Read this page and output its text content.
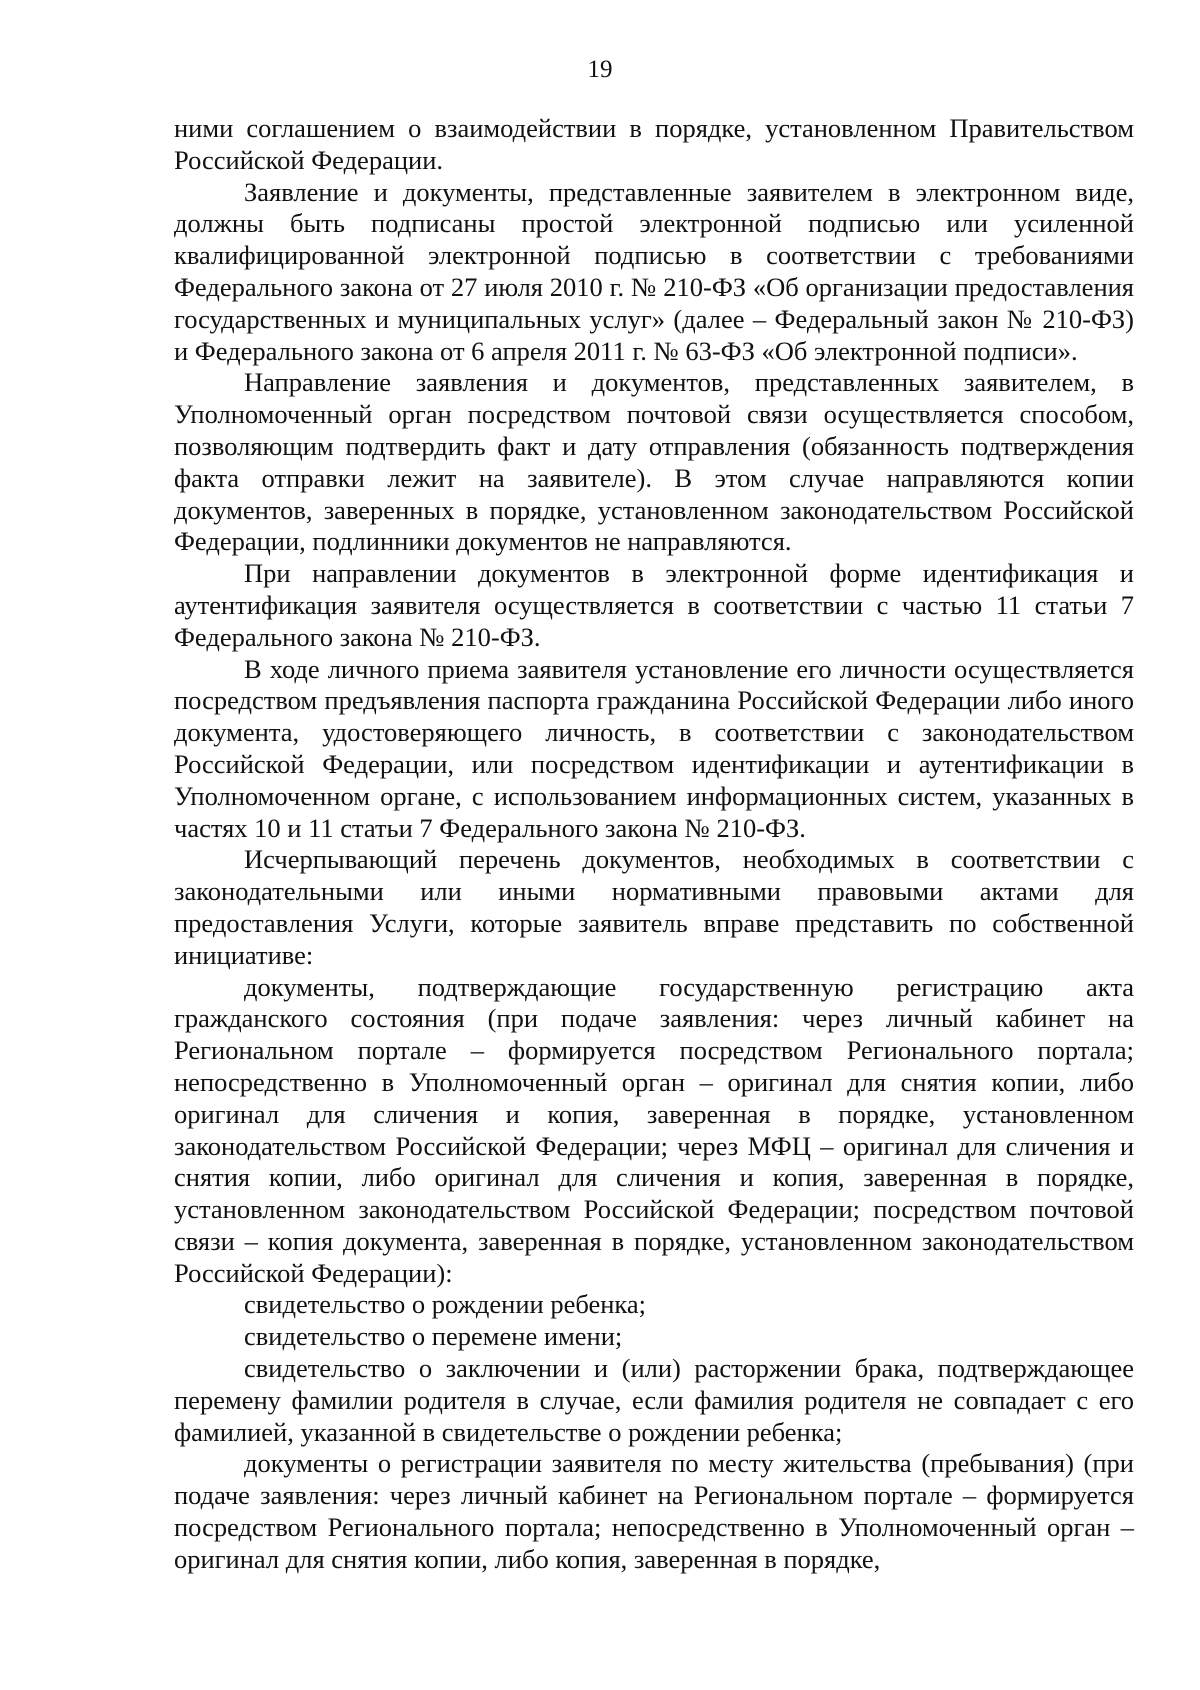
19

ними соглашением о взаимодействии в порядке, установленном Правительством Российской Федерации.

Заявление и документы, представленные заявителем в электронном виде, должны быть подписаны простой электронной подписью или усиленной квалифицированной электронной подписью в соответствии с требованиями Федерального закона от 27 июля 2010 г. № 210-ФЗ «Об организации предоставления государственных и муниципальных услуг» (далее – Федеральный закон № 210-ФЗ) и Федерального закона от 6 апреля 2011 г. № 63-ФЗ «Об электронной подписи».

Направление заявления и документов, представленных заявителем, в Уполномоченный орган посредством почтовой связи осуществляется способом, позволяющим подтвердить факт и дату отправления (обязанность подтверждения факта отправки лежит на заявителе). В этом случае направляются копии документов, заверенных в порядке, установленном законодательством Российской Федерации, подлинники документов не направляются.

При направлении документов в электронной форме идентификация и аутентификация заявителя осуществляется в соответствии с частью 11 статьи 7 Федерального закона № 210-ФЗ.

В ходе личного приема заявителя установление его личности осуществляется посредством предъявления паспорта гражданина Российской Федерации либо иного документа, удостоверяющего личность, в соответствии с законодательством Российской Федерации, или посредством идентификации и аутентификации в Уполномоченном органе, с использованием информационных систем, указанных в частях 10 и 11 статьи 7 Федерального закона № 210-ФЗ.

Исчерпывающий перечень документов, необходимых в соответствии с законодательными или иными нормативными правовыми актами для предоставления Услуги, которые заявитель вправе представить по собственной инициативе:

документы, подтверждающие государственную регистрацию акта гражданского состояния (при подаче заявления: через личный кабинет на Региональном портале – формируется посредством Регионального портала; непосредственно в Уполномоченный орган – оригинал для снятия копии, либо оригинал для сличения и копия, заверенная в порядке, установленном законодательством Российской Федерации; через МФЦ – оригинал для сличения и снятия копии, либо оригинал для сличения и копия, заверенная в порядке, установленном законодательством Российской Федерации; посредством почтовой связи – копия документа, заверенная в порядке, установленном законодательством Российской Федерации):

свидетельство о рождении ребенка;

свидетельство о перемене имени;

свидетельство о заключении и (или) расторжении брака, подтверждающее перемену фамилии родителя в случае, если фамилия родителя не совпадает с его фамилией, указанной в свидетельстве о рождении ребенка;

документы о регистрации заявителя по месту жительства (пребывания) (при подаче заявления: через личный кабинет на Региональном портале – формируется посредством Регионального портала; непосредственно в Уполномоченный орган – оригинал для снятия копии, либо копия, заверенная в порядке,
